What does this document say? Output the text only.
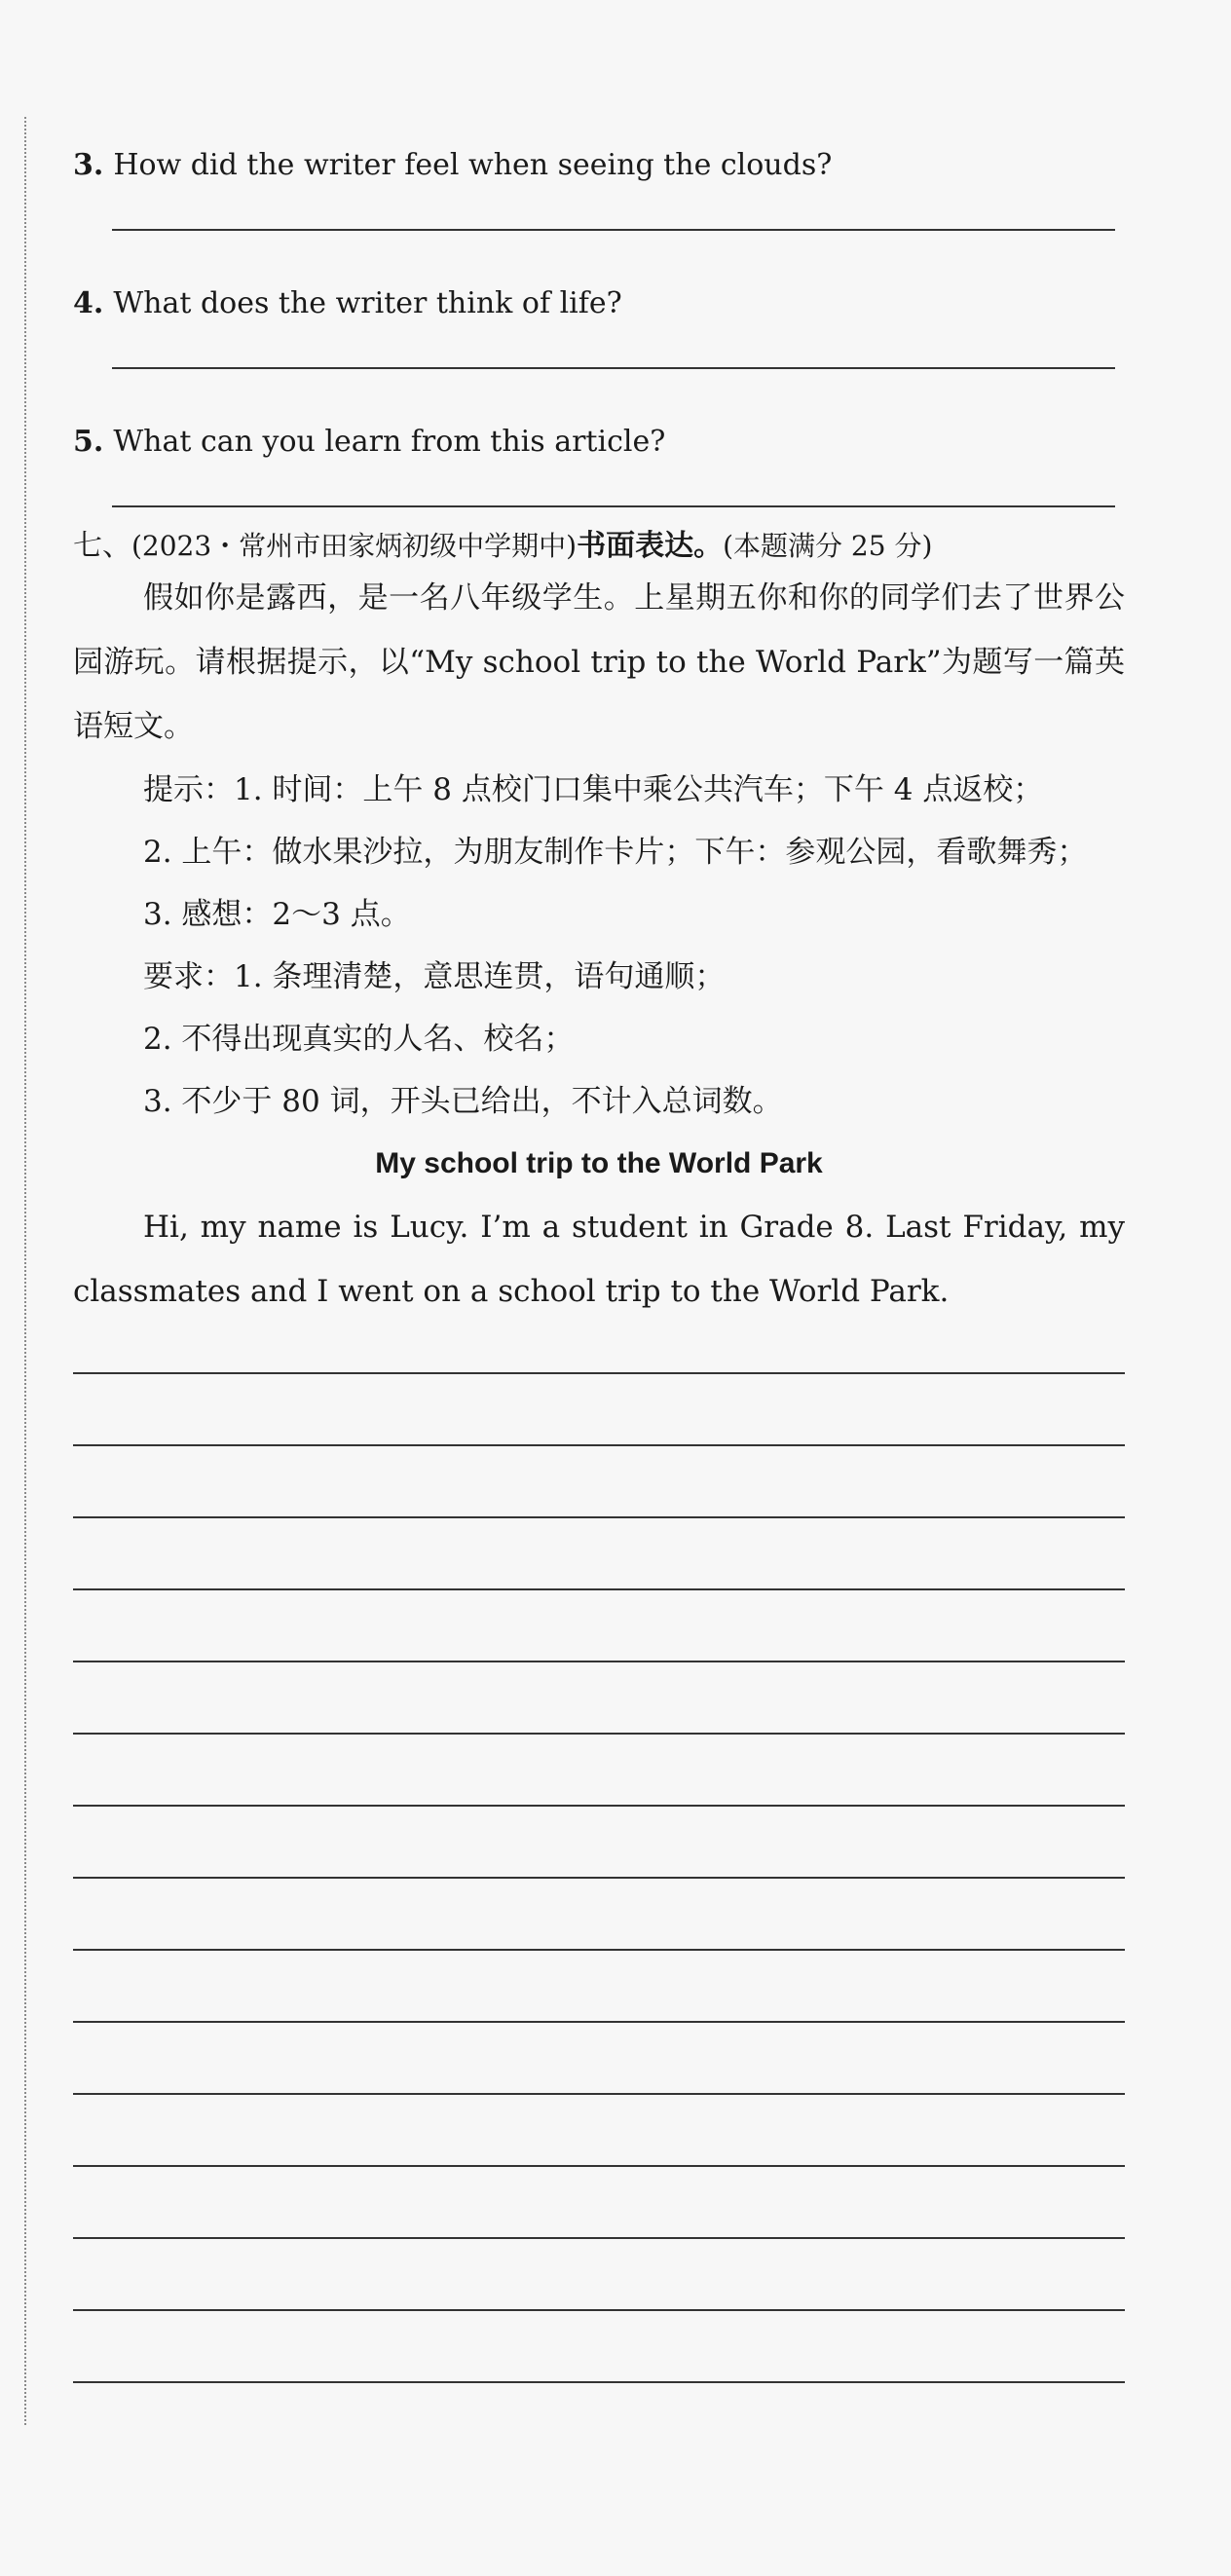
3. How did the writer feel when seeing the clouds?

4. What does the writer think of life?

5. What can you learn from this article?

七、(2023・常州市田家炳初级中学期中)书面表达。(本题满分 25 分)

假如你是露西，是一名八年级学生。上星期五你和你的同学们去了世界公园游玩。请根据提示，以“My school trip to the World Park”为题写一篇英语短文。

提示：1. 时间：上午 8 点校门口集中乘公共汽车；下午 4 点返校；

2. 上午：做水果沙拉，为朋友制作卡片；下午：参观公园，看歌舞秀；

3. 感想：2～3 点。

要求：1. 条理清楚，意思连贯，语句通顺；

2. 不得出现真实的人名、校名；

3. 不少于 80 词，开头已给出，不计入总词数。

My school trip to the World Park

Hi, my name is Lucy. I’m a student in Grade 8. Last Friday, my classmates and I went on a school trip to the World Park.
